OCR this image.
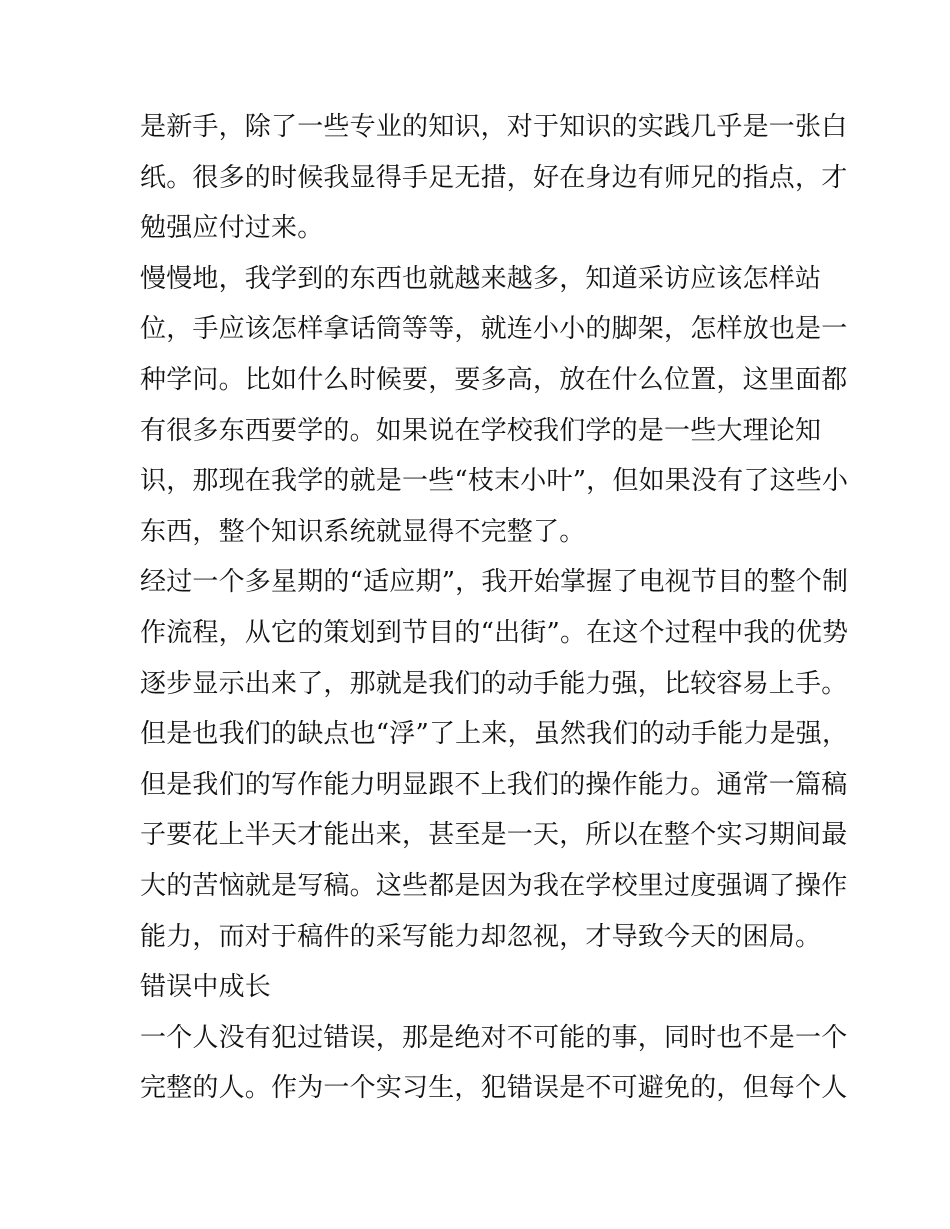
是新手，除了一些专业的知识，对于知识的实践几乎是一张白
纸。很多的时候我显得手足无措，好在身边有师兄的指点，才
勉强应付过来。
慢慢地，我学到的东西也就越来越多，知道采访应该怎样站
位，手应该怎样拿话筒等等，就连小小的脚架，怎样放也是一
种学问。比如什么时候要，要多高，放在什么位置，这里面都
有很多东西要学的。如果说在学校我们学的是一些大理论知
识，那现在我学的就是一些“枝末小叶”，但如果没有了这些小
东西，整个知识系统就显得不完整了。
经过一个多星期的“适应期”，我开始掌握了电视节目的整个制
作流程，从它的策划到节目的“出街”。在这个过程中我的优势
逐步显示出来了，那就是我们的动手能力强，比较容易上手。
但是也我们的缺点也“浮”了上来，虽然我们的动手能力是强，
但是我们的写作能力明显跟不上我们的操作能力。通常一篇稿
子要花上半天才能出来，甚至是一天，所以在整个实习期间最
大的苦恼就是写稿。这些都是因为我在学校里过度强调了操作
能力，而对于稿件的采写能力却忽视，才导致今天的困局。
错误中成长
一个人没有犯过错误，那是绝对不可能的事，同时也不是一个
完整的人。作为一个实习生，犯错误是不可避免的，但每个人
